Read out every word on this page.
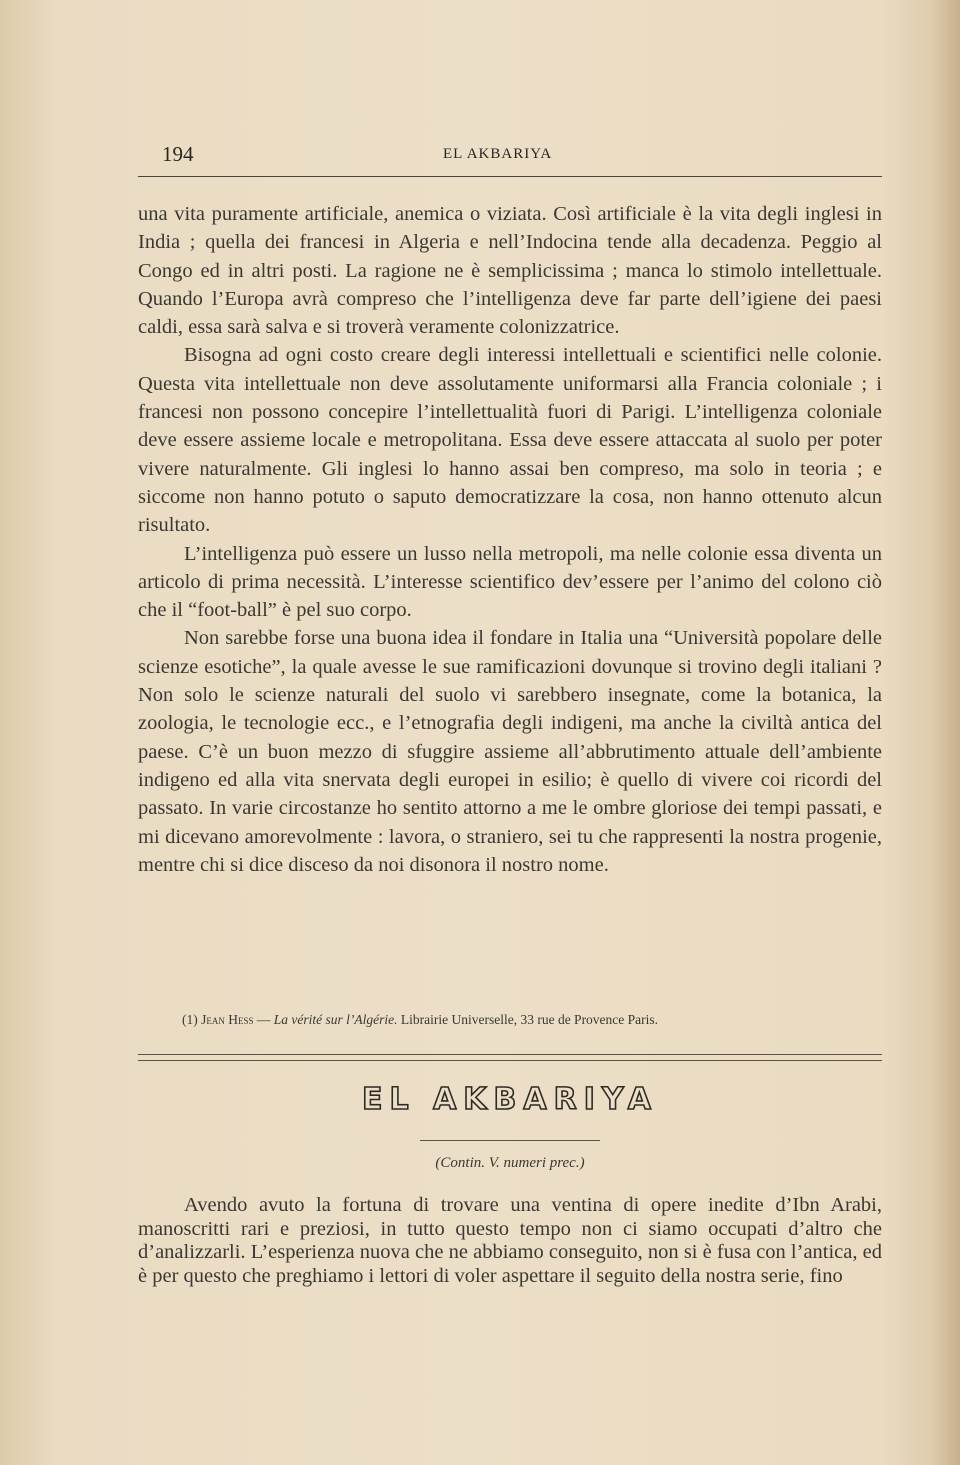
194	EL AKBARIYA

una vita puramente artificiale, anemica o viziata. Così artificiale è la vita degli inglesi in India ; quella dei francesi in Algeria e nell’Indocina tende alla decadenza. Peggio al Congo ed in altri posti. La ragione ne è semplicissima ; manca lo stimolo intellettuale. Quando l’Europa avrà compreso che l’intelligenza deve far parte dell’igiene dei paesi caldi, essa sarà salva e si troverà veramente colonizzatrice.

Bisogna ad ogni costo creare degli interessi intellettuali e scientifici nelle colonie. Questa vita intellettuale non deve assolutamente uniformarsi alla Francia coloniale ; i francesi non possono concepire l’intellettualità fuori di Parigi. L’intelligenza coloniale deve essere assieme locale e metropolitana. Essa deve essere attaccata al suolo per poter vivere naturalmente. Gli inglesi lo hanno assai ben compreso, ma solo in teoria ; e siccome non hanno potuto o saputo democratizzare la cosa, non hanno ottenuto alcun risultato.

L’intelligenza può essere un lusso nella metropoli, ma nelle colonie essa diventa un articolo di prima necessità. L’interesse scientifico dev’essere per l’animo del colono ciò che il “foot-ball” è pel suo corpo.

Non sarebbe forse una buona idea il fondare in Italia una “Università popolare delle scienze esotiche”, la quale avesse le sue ramificazioni dovunque si trovino degli italiani ? Non solo le scienze naturali del suolo vi sarebbero insegnate, come la botanica, la zoologia, le tecnologie ecc., e l’etnografia degli indigeni, ma anche la civiltà antica del paese. C’è un buon mezzo di sfuggire assieme all’abbrutimento attuale dell’ambiente indigeno ed alla vita snervata degli europei in esilio; è quello di vivere coi ricordi del passato. In varie circostanze ho sentito attorno a me le ombre gloriose dei tempi passati, e mi dicevano amorevolmente : lavora, o straniero, sei tu che rappresenti la nostra progenie, mentre chi si dice disceso da noi disonora il nostro nome.

(1) Jean Hess — La vérité sur l’Algérie. Librairie Universelle, 33 rue de Provence Paris.
EL AKBARIYA
(Contin. V. numeri prec.)

Avendo avuto la fortuna di trovare una ventina di opere inedite d’Ibn Arabi, manoscritti rari e preziosi, in tutto questo tempo non ci siamo occupati d’altro che d’analizzarli. L’esperienza nuova che ne abbiamo conseguito, non si è fusa con l’antica, ed è per questo che preghiamo i lettori di voler aspettare il seguito della nostra serie, fino
